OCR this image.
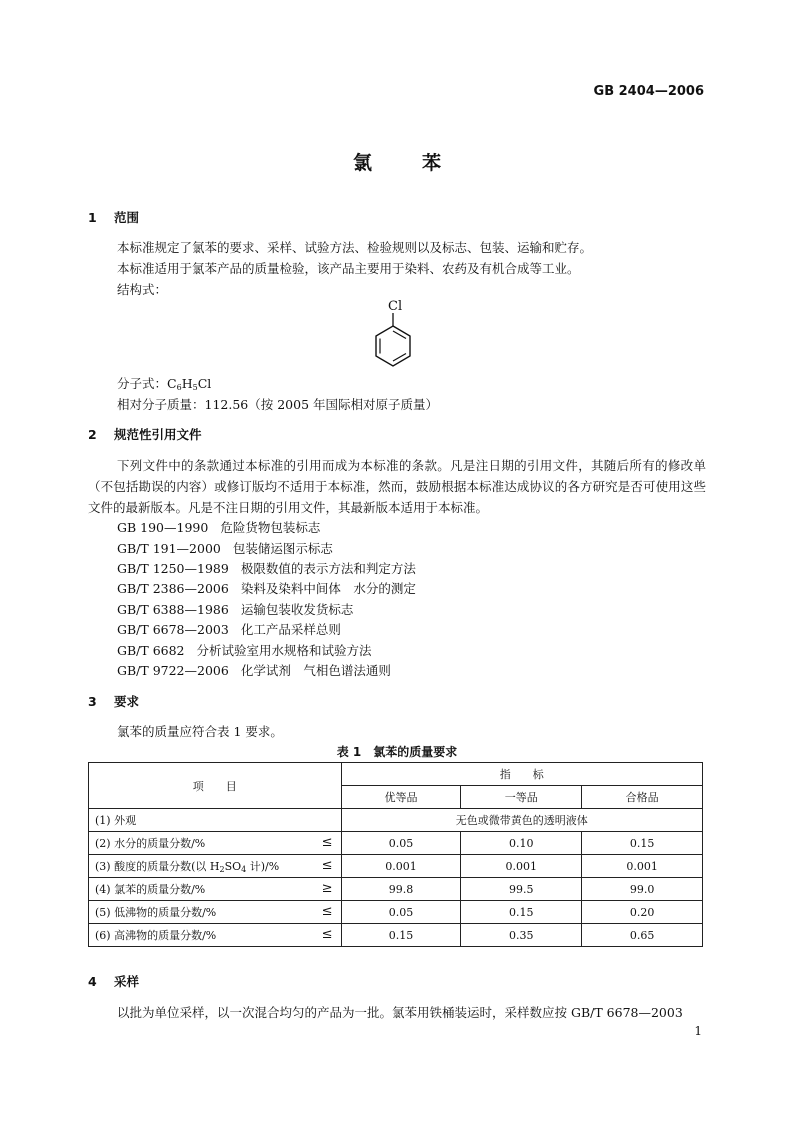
GB 2404—2006
氯苯
1 范围
本标准规定了氯苯的要求、采样、试验方法、检验规则以及标志、包装、运输和贮存。
本标准适用于氯苯产品的质量检验，该产品主要用于染料、农药及有机合成等工业。
结构式：
Cl
分子式：$C_6H_5Cl$
相对分子质量：112.56（按 2005 年国际相对原子质量）
2 规范性引用文件
下列文件中的条款通过本标准的引用而成为本标准的条款。凡是注日期的引用文件，其随后所有的修改单（不包括勘误的内容）或修订版均不适用于本标准，然而，鼓励根据本标准达成协议的各方研究是否可使用这些文件的最新版本。凡是不注日期的引用文件，其最新版本适用于本标准。
GB 190—1990 危险货物包装标志
GB/T 191—2000 包装储运图示标志
GB/T 1250—1989 极限数值的表示方法和判定方法
GB/T 2386—2006 染料及染料中间体　水分的测定
GB/T 6388—1986 运输包装收发货标志
GB/T 6678—2003 化工产品采样总则
GB/T 6682 分析试验室用水规格和试验方法
GB/T 9722—2006 化学试剂　气相色谱法通则
3 要求
氯苯的质量应符合表 1 要求。
表 1　氯苯的质量要求
项　　目	指　　标		
	优等品	一等品	合格品
(1) 外观	无色或微带黄色的透明液体		
(2) 水分的质量分数/% ≤	0.05	0.10	0.15
(3) 酸度的质量分数(以 $H_2SO_4$ 计)/% ≤	0.001	0.001	0.001
(4) 氯苯的质量分数/% ≥	99.8	99.5	99.0
(5) 低沸物的质量分数/% ≤	0.05	0.15	0.20
(6) 高沸物的质量分数/% ≤	0.15	0.35	0.65
4 采样
以批为单位采样，以一次混合均匀的产品为一批。氯苯用铁桶装运时，采样数应按 GB/T 6678—2003
1
